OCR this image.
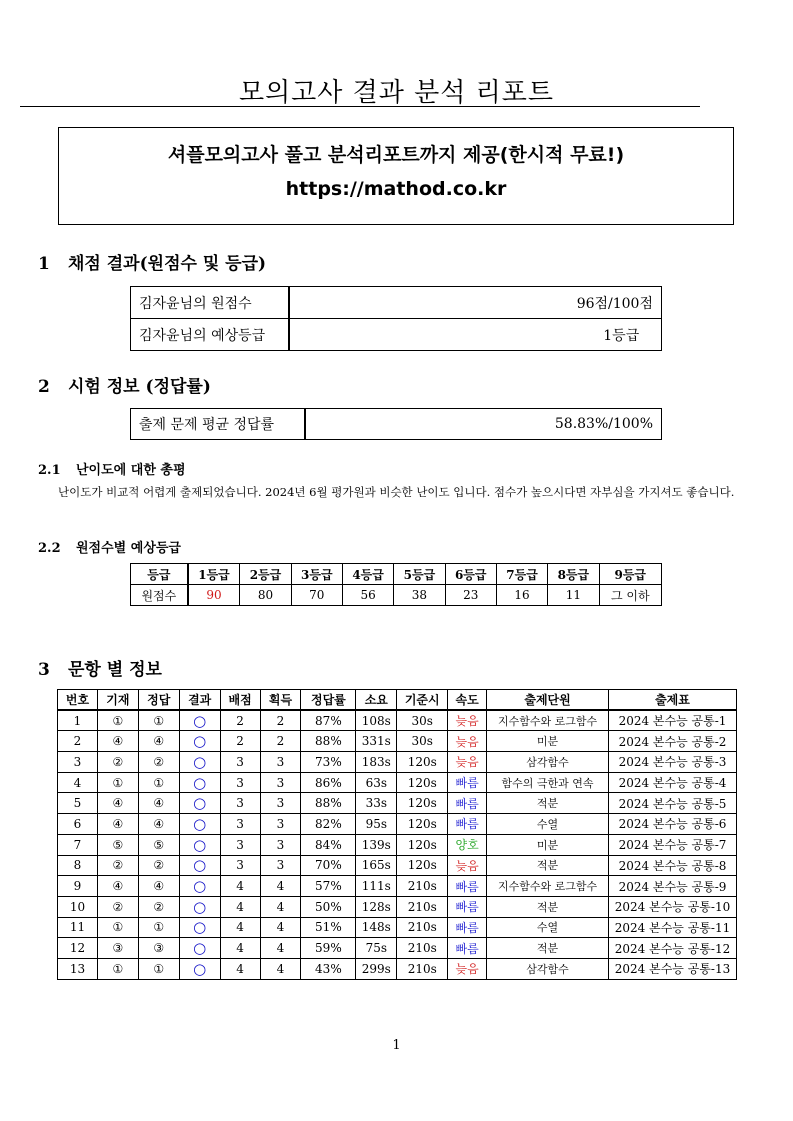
모의고사 결과 분석 리포트
셔플모의고사 풀고 분석리포트까지 제공(한시적 무료!)
https://mathod.co.kr
1 채점 결과(원점수 및 등급)
김자윤님의 원점수	96점/100점
김자윤님의 예상등급	1등급
2 시험 정보 (정답률)
출제 문제 평균 정답률	58.83%/100%
2.1 난이도에 대한 총평

난이도가 비교적 어렵게 출제되었습니다. 2024년 6월 평가원과 비슷한 난이도 입니다. 점수가 높으시다면 자부심을 가지셔도 좋습니다.

2.2 원점수별 예상등급
등급	1등급	2등급	3등급	4등급	5등급	6등급	7등급	8등급	9등급
원점수	90	80	70	56	38	23	16	11	그 이하
3 문항 별 정보
번호	기재	정답	결과	배점	획득	정답률	소요	기준시	속도	출제단원	출제표
1	①	①	○	2	2	87%	108s	30s	늦음	지수함수와 로그함수	2024 본수능 공통-1
2	④	④	○	2	2	88%	331s	30s	늦음	미분	2024 본수능 공통-2
3	②	②	○	3	3	73%	183s	120s	늦음	삼각함수	2024 본수능 공통-3
4	①	①	○	3	3	86%	63s	120s	빠름	함수의 극한과 연속	2024 본수능 공통-4
5	④	④	○	3	3	88%	33s	120s	빠름	적분	2024 본수능 공통-5
6	④	④	○	3	3	82%	95s	120s	빠름	수열	2024 본수능 공통-6
7	⑤	⑤	○	3	3	84%	139s	120s	양호	미분	2024 본수능 공통-7
8	②	②	○	3	3	70%	165s	120s	늦음	적분	2024 본수능 공통-8
9	④	④	○	4	4	57%	111s	210s	빠름	지수함수와 로그함수	2024 본수능 공통-9
10	②	②	○	4	4	50%	128s	210s	빠름	적분	2024 본수능 공통-10
11	①	①	○	4	4	51%	148s	210s	빠름	수열	2024 본수능 공통-11
12	③	③	○	4	4	59%	75s	210s	빠름	적분	2024 본수능 공통-12
13	①	①	○	4	4	43%	299s	210s	늦음	삼각함수	2024 본수능 공통-13
1
